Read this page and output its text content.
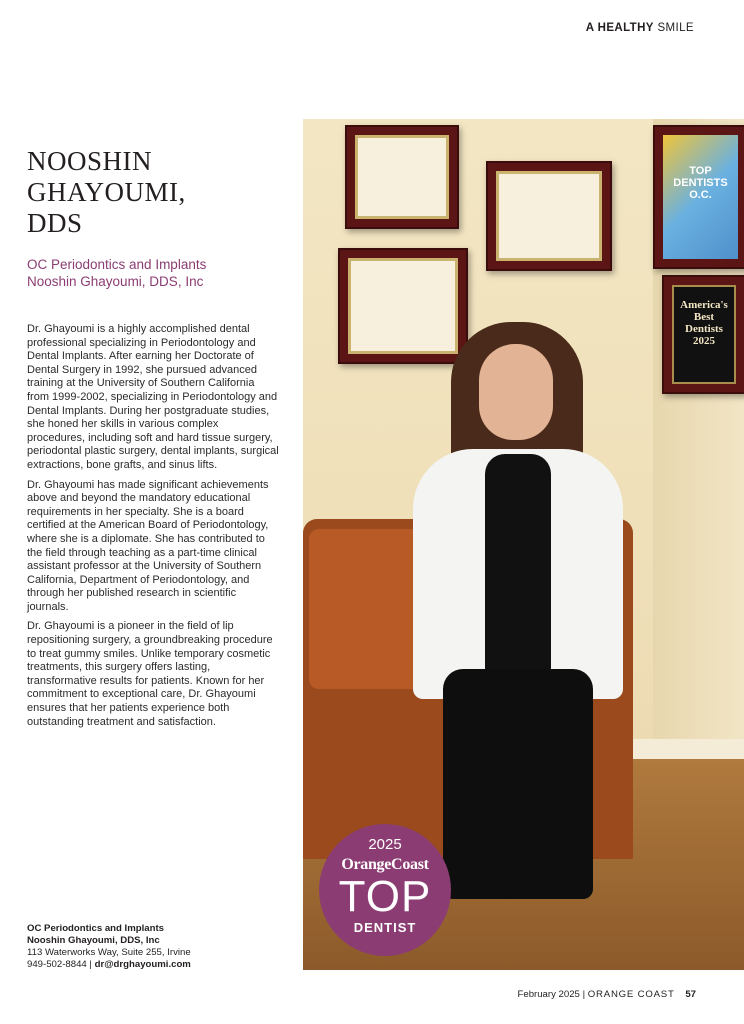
A HEALTHY SMILE
NOOSHIN
GHAYOUMI,
DDS
OC Periodontics and Implants
Nooshin Ghayoumi, DDS, Inc

Dr. Ghayoumi is a highly accomplished dental professional specializing in Periodontology and Dental Implants. After earning her Doctorate of Dental Surgery in 1992, she pursued advanced training at the University of Southern California from 1999-2002, specializing in Periodontology and Dental Implants. During her postgraduate studies, she honed her skills in various complex procedures, including soft and hard tissue surgery, periodontal plastic surgery, dental implants, surgical extractions, bone grafts, and sinus lifts.

Dr. Ghayoumi has made significant achievements above and beyond the mandatory educational requirements in her specialty. She is a board certified at the American Board of Periodontology, where she is a diplomate. She has contributed to the field through teaching as a part-time clinical assistant professor at the University of Southern California, Department of Periodontology, and through her published research in scientific journals.

Dr. Ghayoumi is a pioneer in the field of lip repositioning surgery, a groundbreaking procedure to treat gummy smiles. Unlike temporary cosmetic treatments, this surgery offers lasting, transformative results for patients. Known for her commitment to exceptional care, Dr. Ghayoumi ensures that her patients experience both outstanding treatment and satisfaction.

OC Periodontics and Implants
Nooshin Ghayoumi, DDS, Inc
113 Waterworks Way, Suite 255, Irvine
949-502-8844 | dr@drghayoumi.com
TOP DENTISTS O.C.
America's
Best Dentists
2025
2025
OrangeCoast
TOP
DENTIST
February 2025 | ORANGE COAST 57
